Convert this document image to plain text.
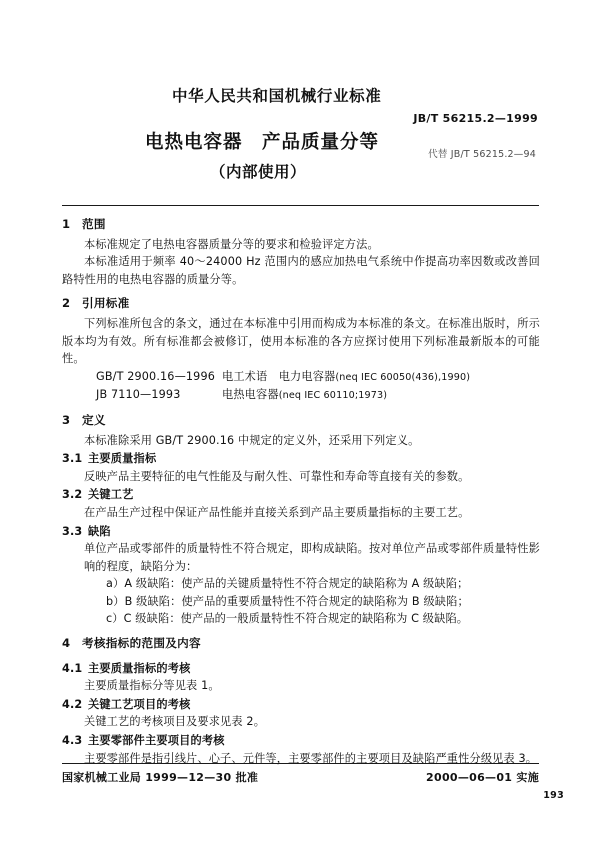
中华人民共和国机械行业标准
JB/T 56215.2—1999
电热电容器　产品质量分等
代替 JB/T 56215.2—94
（内部使用）
1 范围

本标准规定了电热电容器质量分等的要求和检验评定方法。

本标准适用于频率 40～24000 Hz 范围内的感应加热电气系统中作提高功率因数或改善回路特性用的电热电容器的质量分等。

2 引用标准

下列标准所包含的条文，通过在本标准中引用而构成为本标准的条文。在标准出版时，所示版本均为有效。所有标准都会被修订，使用本标准的各方应探讨使用下列标准最新版本的可能性。

GB/T 2900.16—1996 电工术语　电力电容器(neq IEC 60050(436),1990)

JB 7110—1993	电热电容器(neq IEC 60110;1973)

3 定义

本标准除采用 GB/T 2900.16 中规定的定义外，还采用下列定义。

3.1 主要质量指标

反映产品主要特征的电气性能及与耐久性、可靠性和寿命等直接有关的参数。

3.2 关键工艺

在产品生产过程中保证产品性能并直接关系到产品主要质量指标的主要工艺。

3.3 缺陷

单位产品或零部件的质量特性不符合规定，即构成缺陷。按对单位产品或零部件质量特性影响的程度，缺陷分为：

a）A 级缺陷：使产品的关键质量特性不符合规定的缺陷称为 A 级缺陷；

b）B 级缺陷：使产品的重要质量特性不符合规定的缺陷称为 B 级缺陷；

c）C 级缺陷：使产品的一般质量特性不符合规定的缺陷称为 C 级缺陷。

4 考核指标的范围及内容
4.1 主要质量指标的考核

主要质量指标分等见表 1。

4.2 关键工艺项目的考核

关键工艺的考核项目及要求见表 2。

4.3 主要零部件主要项目的考核

主要零部件是指引线片、心子、元件等，主要零部件的主要项目及缺陷严重性分级见表 3。

国家机械工业局 1999—12—30 批准	2000—06—01 实施
193
